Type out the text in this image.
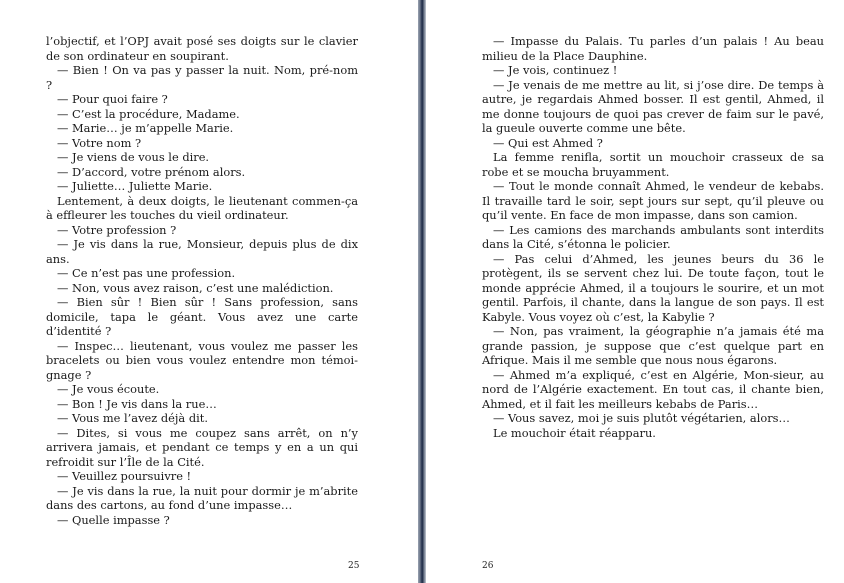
l’objectif, et l’OPJ avait posé ses doigts sur le clavier de son ordinateur en soupirant.

— Bien ! On va pas y passer la nuit. Nom, pré-nom ?

— Pour quoi faire ?

— C’est la procédure, Madame.

— Marie… je m’appelle Marie.

— Votre nom ?

— Je viens de vous le dire.

— D’accord, votre prénom alors.

— Juliette… Juliette Marie.

Lentement, à deux doigts, le lieutenant commen-ça à effleurer les touches du vieil ordinateur.

— Votre profession ?

— Je vis dans la rue, Monsieur, depuis plus de dix ans.

— Ce n’est pas une profession.

— Non, vous avez raison, c’est une malédiction.

— Bien sûr ! Bien sûr ! Sans profession, sans domicile, tapa le géant. Vous avez une carte d’identité ?

— Inspec… lieutenant, vous voulez me passer les bracelets ou bien vous voulez entendre mon témoi-gnage ?

— Je vous écoute.

— Bon ! Je vis dans la rue…

— Vous me l’avez déjà dit.

— Dites, si vous me coupez sans arrêt, on n’y arrivera jamais, et pendant ce temps y en a un qui refroidit sur l’Île de la Cité.

— Veuillez poursuivre !

— Je vis dans la rue, la nuit pour dormir je m’abrite dans des cartons, au fond d’une impasse…

— Quelle impasse ?

25

— Impasse du Palais. Tu parles d’un palais ! Au beau milieu de la Place Dauphine.

— Je vois, continuez !

— Je venais de me mettre au lit, si j’ose dire. De temps à autre, je regardais Ahmed bosser. Il est gentil, Ahmed, il me donne toujours de quoi pas crever de faim sur le pavé, la gueule ouverte comme une bête.

— Qui est Ahmed ?

La femme renifla, sortit un mouchoir crasseux de sa robe et se moucha bruyamment.

— Tout le monde connaît Ahmed, le vendeur de kebabs. Il travaille tard le soir, sept jours sur sept, qu’il pleuve ou qu’il vente. En face de mon impasse, dans son camion.

— Les camions des marchands ambulants sont interdits dans la Cité, s’étonna le policier.

— Pas celui d’Ahmed, les jeunes beurs du 36 le protègent, ils se servent chez lui. De toute façon, tout le monde apprécie Ahmed, il a toujours le sourire, et un mot gentil. Parfois, il chante, dans la langue de son pays. Il est Kabyle. Vous voyez où c’est, la Kabylie ?

— Non, pas vraiment, la géographie n’a jamais été ma grande passion, je suppose que c’est quelque part en Afrique. Mais il me semble que nous nous égarons.

— Ahmed m’a expliqué, c’est en Algérie, Mon-sieur, au nord de l’Algérie exactement. En tout cas, il chante bien, Ahmed, et il fait les meilleurs kebabs de Paris…

— Vous savez, moi je suis plutôt végétarien, alors…

Le mouchoir était réapparu.

26
